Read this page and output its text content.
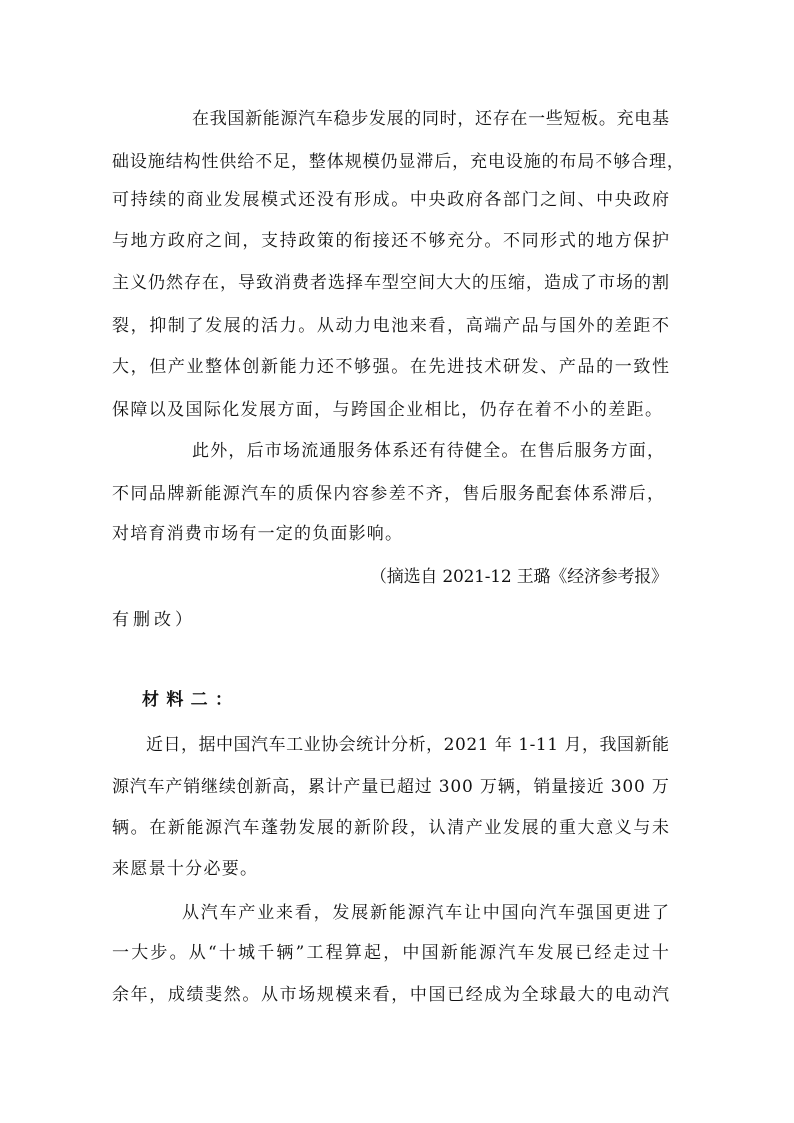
在我国新能源汽车稳步发展的同时，还存在一些短板。充电基
础设施结构性供给不足，整体规模仍显滞后，充电设施的布局不够合理，
可持续的商业发展模式还没有形成。中央政府各部门之间、中央政府
与地方政府之间，支持政策的衔接还不够充分。不同形式的地方保护
主义仍然存在，导致消费者选择车型空间大大的压缩，造成了市场的割
裂，抑制了发展的活力。从动力电池来看，高端产品与国外的差距不
大，但产业整体创新能力还不够强。在先进技术研发、产品的一致性
保障以及国际化发展方面，与跨国企业相比，仍存在着不小的差距。
此外，后市场流通服务体系还有待健全。在售后服务方面，
不同品牌新能源汽车的质保内容参差不齐，售后服务配套体系滞后，
对培育消费市场有一定的负面影响。
（摘选自 2021-12 王璐《经济参考报》
有删改）
材料二：
近日，据中国汽车工业协会统计分析，2021 年 1-11 月，我国新能
源汽车产销继续创新高，累计产量已超过 300 万辆，销量接近 300 万
辆。在新能源汽车蓬勃发展的新阶段，认清产业发展的重大意义与未
来愿景十分必要。
从汽车产业来看，发展新能源汽车让中国向汽车强国更进了
一大步。从“十城千辆”工程算起，中国新能源汽车发展已经走过十
余年，成绩斐然。从市场规模来看，中国已经成为全球最大的电动汽
